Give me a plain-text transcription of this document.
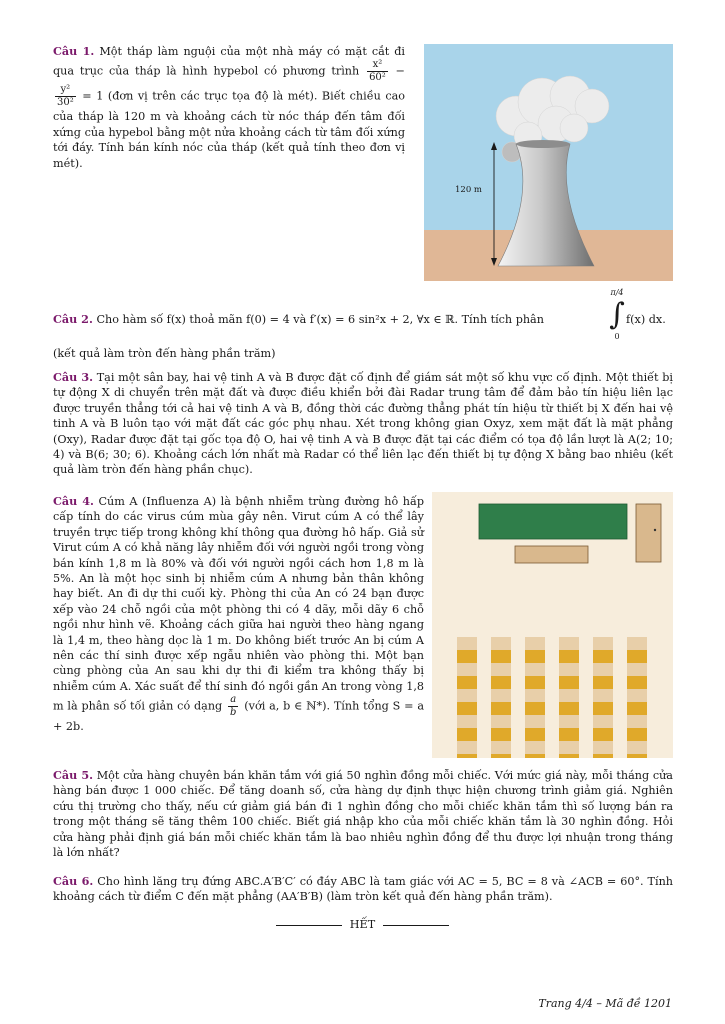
Câu 1. Một tháp làm nguội của một nhà máy có mặt cắt đi qua trục của tháp là hình hypebol có phương trình $\frac{\text{x²}}{\text{60²}}$ −
$\frac{\text{y²}}{\text{30²}} = 1$ (đơn vị trên các trục tọa độ là mét). Biết chiều cao của tháp là 120 m và khoảng cách từ nóc tháp đến tâm đối xứng của hypebol bằng một nửa khoảng cách từ tâm đối xứng tới đáy. Tính bán kính nóc của tháp (kết quả tính theo đơn vị mét).
120 m
Câu 2. Cho hàm số f(x) thoả mãn f(0) = 4 và f′(x) = 6 sin²x + 2, ∀x ∈ ℝ. Tính tích phân
π/4
∫
0
f(x) dx.
(kết quả làm tròn đến hàng phần trăm)
Câu 3. Tại một sân bay, hai vệ tinh A và B được đặt cố định để giám sát một số khu vực cố định. Một thiết bị tự động X di chuyển trên mặt đất và được điều khiển bởi đài Radar trung tâm để đảm bảo tín hiệu liên lạc được truyền thẳng tới cả hai vệ tinh A và B, đồng thời các đường thẳng phát tín hiệu từ thiết bị X đến hai vệ tinh A và B luôn tạo với mặt đất các góc phụ nhau. Xét trong không gian Oxyz, xem mặt đất là mặt phẳng (Oxy), Radar được đặt tại gốc tọa độ O, hai vệ tinh A và B được đặt tại các điểm có tọa độ lần lượt là A(2; 10; 4) và B(6; 30; 6). Khoảng cách lớn nhất mà Radar có thể liên lạc đến thiết bị tự động X bằng bao nhiêu (kết quả làm tròn đến hàng phần chục).
Câu 4. Cúm A (Influenza A) là bệnh nhiễm trùng đường hô hấp cấp tính do các virus cúm mùa gây nên. Virut cúm A có thể lây truyền trực tiếp trong không khí thông qua đường hô hấp. Giả sử Virut cúm A có khả năng lây nhiễm đối với người ngồi trong vòng bán kính 1,8 m là 80% và đối với người ngồi cách hơn 1,8 m là 5%. An là một học sinh bị nhiễm cúm A nhưng bản thân không hay biết. An đi dự thi cuối kỳ. Phòng thi của An có 24 bạn được xếp vào 24 chỗ ngồi của một phòng thi có 4 dãy, mỗi dãy 6 chỗ ngồi như hình vẽ. Khoảng cách giữa hai người theo hàng ngang là 1,4 m, theo hàng dọc là 1 m. Do không biết trước An bị cúm A nên các thí sinh được xếp ngẫu nhiên vào phòng thi. Một bạn cùng phòng của An sau khi dự thi đi kiểm tra không thấy bị nhiễm cúm A. Xác suất để thí sinh đó ngồi gần An trong vòng 1,8 m là phân số tối giản có dạng $\frac{a}{b}$ (với a, b ∈ ℕ*). Tính tổng S = a + 2b.
Câu 5. Một cửa hàng chuyên bán khăn tắm với giá 50 nghìn đồng mỗi chiếc. Với mức giá này, mỗi tháng cửa hàng bán được 1 000 chiếc. Để tăng doanh số, cửa hàng dự định thực hiện chương trình giảm giá. Nghiên cứu thị trường cho thấy, nếu cứ giảm giá bán đi 1 nghìn đồng cho mỗi chiếc khăn tắm thì số lượng bán ra trong một tháng sẽ tăng thêm 100 chiếc. Biết giá nhập kho của mỗi chiếc khăn tắm là 30 nghìn đồng. Hỏi cửa hàng phải định giá bán mỗi chiếc khăn tắm là bao nhiêu nghìn đồng để thu được lợi nhuận trong tháng là lớn nhất?
Câu 6. Cho hình lăng trụ đứng ABC.A′B′C′ có đáy ABC là tam giác với AC = 5, BC = 8 và ∠ACB = 60°. Tính khoảng cách từ điểm C đến mặt phẳng (AA′B′B) (làm tròn kết quả đến hàng phần trăm).
HẾT
Trang 4/4 – Mã đề 1201
